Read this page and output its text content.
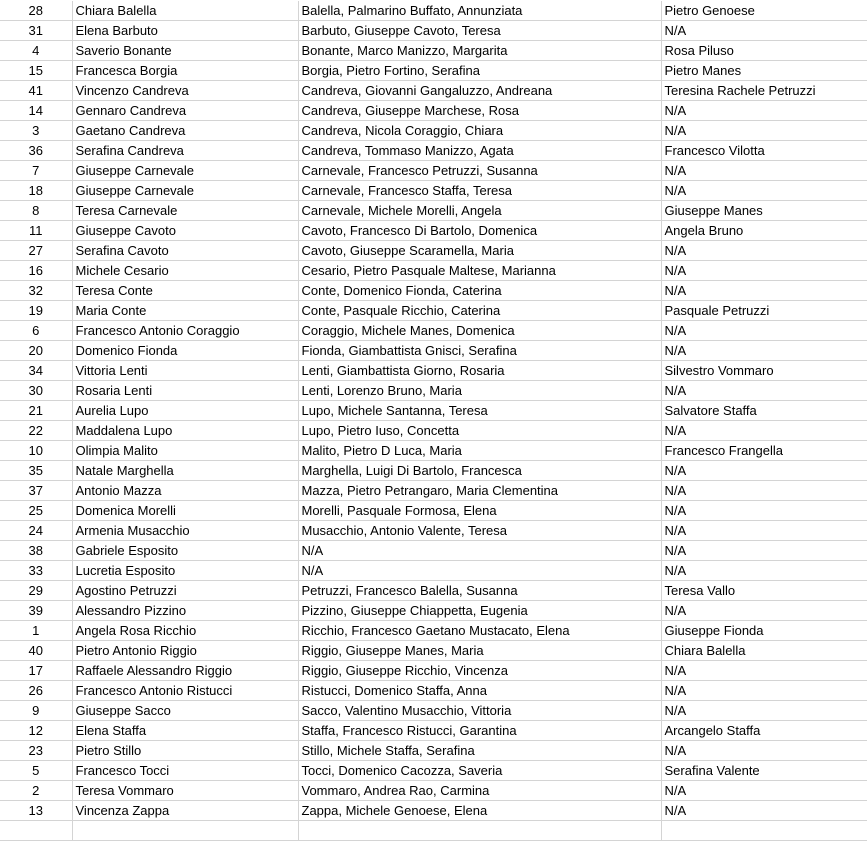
28	Chiara Balella	Balella, Palmarino Buffato, Annunziata	Pietro Genoese
31	Elena Barbuto	Barbuto, Giuseppe Cavoto, Teresa	N/A
4	Saverio Bonante	Bonante, Marco Manizzo, Margarita	Rosa Piluso
15	Francesca Borgia	Borgia, Pietro Fortino, Serafina	Pietro Manes
41	Vincenzo Candreva	Candreva, Giovanni Gangaluzzo, Andreana	Teresina Rachele Petruzzi
14	Gennaro Candreva	Candreva, Giuseppe Marchese, Rosa	N/A
3	Gaetano Candreva	Candreva, Nicola Coraggio, Chiara	N/A
36	Serafina Candreva	Candreva, Tommaso Manizzo, Agata	Francesco Vilotta
7	Giuseppe Carnevale	Carnevale, Francesco Petruzzi, Susanna	N/A
18	Giuseppe Carnevale	Carnevale, Francesco Staffa, Teresa	N/A
8	Teresa Carnevale	Carnevale, Michele Morelli, Angela	Giuseppe Manes
11	Giuseppe Cavoto	Cavoto, Francesco Di Bartolo, Domenica	Angela Bruno
27	Serafina Cavoto	Cavoto, Giuseppe Scaramella, Maria	N/A
16	Michele Cesario	Cesario, Pietro Pasquale Maltese, Marianna	N/A
32	Teresa Conte	Conte, Domenico Fionda, Caterina	N/A
19	Maria Conte	Conte, Pasquale Ricchio, Caterina	Pasquale Petruzzi
6	Francesco Antonio Coraggio	Coraggio, Michele Manes, Domenica	N/A
20	Domenico Fionda	Fionda, Giambattista Gnisci, Serafina	N/A
34	Vittoria Lenti	Lenti, Giambattista Giorno, Rosaria	Silvestro Vommaro
30	Rosaria Lenti	Lenti, Lorenzo Bruno, Maria	N/A
21	Aurelia Lupo	Lupo, Michele Santanna, Teresa	Salvatore Staffa
22	Maddalena Lupo	Lupo, Pietro Iuso, Concetta	N/A
10	Olimpia Malito	Malito, Pietro D Luca, Maria	Francesco Frangella
35	Natale Marghella	Marghella, Luigi Di Bartolo, Francesca	N/A
37	Antonio Mazza	Mazza, Pietro Petrangaro, Maria Clementina	N/A
25	Domenica Morelli	Morelli, Pasquale Formosa, Elena	N/A
24	Armenia Musacchio	Musacchio, Antonio Valente, Teresa	N/A
38	Gabriele Esposito	N/A	N/A
33	Lucretia Esposito	N/A	N/A
29	Agostino Petruzzi	Petruzzi, Francesco Balella, Susanna	Teresa Vallo
39	Alessandro Pizzino	Pizzino, Giuseppe Chiappetta, Eugenia	N/A
1	Angela Rosa Ricchio	Ricchio, Francesco Gaetano Mustacato, Elena	Giuseppe Fionda
40	Pietro Antonio Riggio	Riggio, Giuseppe Manes, Maria	Chiara Balella
17	Raffaele Alessandro Riggio	Riggio, Giuseppe Ricchio, Vincenza	N/A
26	Francesco Antonio Ristucci	Ristucci, Domenico Staffa, Anna	N/A
9	Giuseppe Sacco	Sacco, Valentino Musacchio, Vittoria	N/A
12	Elena Staffa	Staffa, Francesco Ristucci, Garantina	Arcangelo Staffa
23	Pietro Stillo	Stillo, Michele Staffa, Serafina	N/A
5	Francesco Tocci	Tocci, Domenico Cacozza, Saveria	Serafina Valente
2	Teresa Vommaro	Vommaro, Andrea Rao, Carmina	N/A
13	Vincenza Zappa	Zappa, Michele Genoese, Elena	N/A
